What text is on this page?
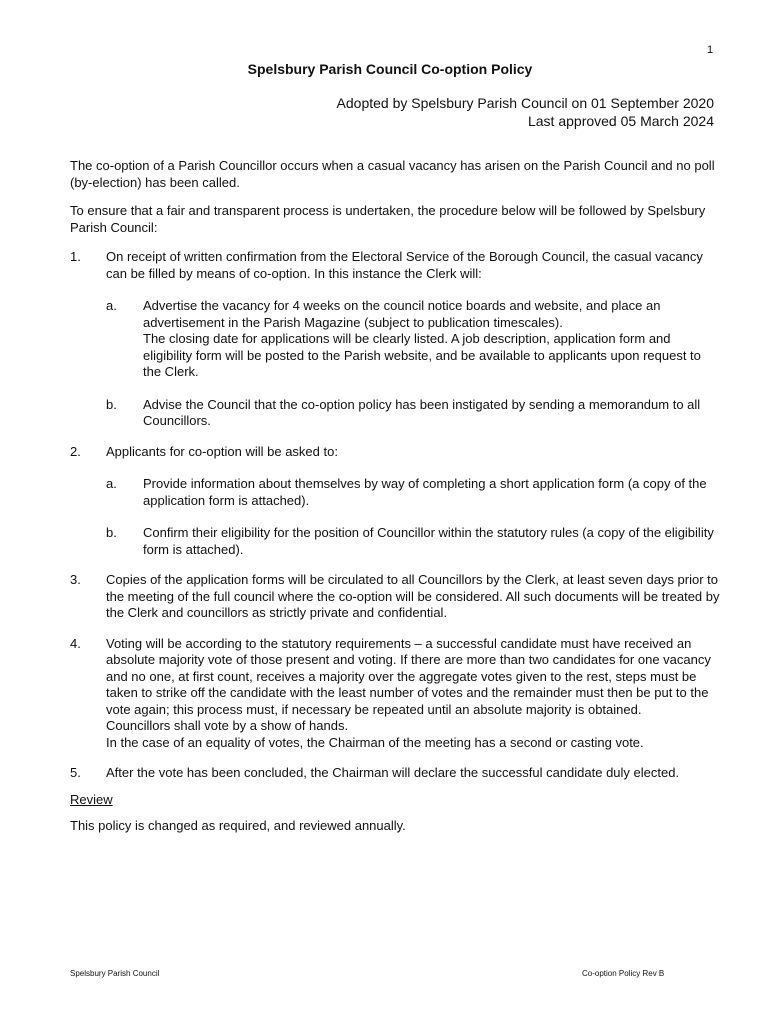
1
Spelsbury Parish Council Co-option Policy
Adopted by Spelsbury Parish Council on 01 September 2020
Last approved 05 March 2024

The co-option of a Parish Councillor occurs when a casual vacancy has arisen on the Parish Council and no poll (by-election) has been called.

To ensure that a fair and transparent process is undertaken, the procedure below will be followed by Spelsbury Parish Council:

1.	On receipt of written confirmation from the Electoral Service of the Borough Council, the casual vacancy can be filled by means of co-option. In this instance the Clerk will:
a.	Advertise the vacancy for 4 weeks on the council notice boards and website, and place an advertisement in the Parish Magazine (subject to publication timescales).
The closing date for applications will be clearly listed. A job description, application form and eligibility form will be posted to the Parish website, and be available to applicants upon request to the Clerk.
b.	Advise the Council that the co-option policy has been instigated by sending a memorandum to all Councillors.
2.	Applicants for co-option will be asked to:
a.	Provide information about themselves by way of completing a short application form (a copy of the application form is attached).
b.	Confirm their eligibility for the position of Councillor within the statutory rules (a copy of the eligibility form is attached).
3.	Copies of the application forms will be circulated to all Councillors by the Clerk, at least seven days prior to the meeting of the full council where the co-option will be considered. All such documents will be treated by the Clerk and councillors as strictly private and confidential.
4.	Voting will be according to the statutory requirements – a successful candidate must have received an absolute majority vote of those present and voting. If there are more than two candidates for one vacancy and no one, at first count, receives a majority over the aggregate votes given to the rest, steps must be taken to strike off the candidate with the least number of votes and the remainder must then be put to the vote again; this process must, if necessary be repeated until an absolute majority is obtained.
Councillors shall vote by a show of hands.
In the case of an equality of votes, the Chairman of the meeting has a second or casting vote.
5.	After the vote has been concluded, the Chairman will declare the successful candidate duly elected.
Review
This policy is changed as required, and reviewed annually.
Spelsbury Parish Council	Co-option Policy Rev B
